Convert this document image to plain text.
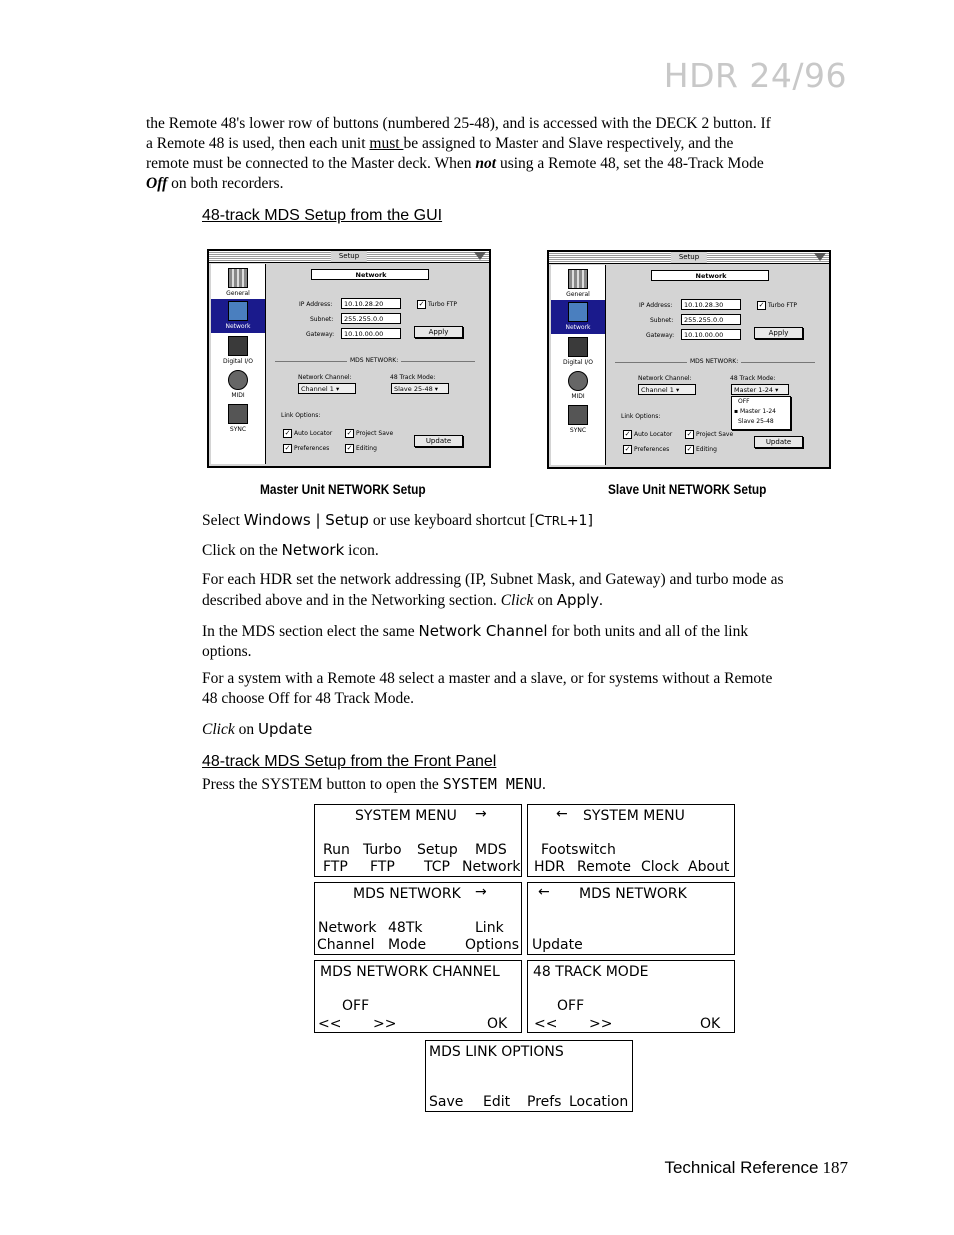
HDR 24/96
the Remote 48's lower row of buttons (numbered 25-48), and is accessed with the DECK 2 button. If
a Remote 48 is used, then each unit must be assigned to Master and Slave respectively, and the
remote must be connected to the Master deck. When not using a Remote 48, set the 48-Track Mode
Off on both recorders.
48-track MDS Setup from the GUI
Setup
General
Network
Digital I/O
MIDI
SYNC
Network
IP Address:	10.10.28.20
Subnet:	255.255.0.0
Gateway:	10.10.00.00
✓ Turbo FTP
Apply
MDS NETWORK:
Network Channel:
Channel 1 ▾
48 Track Mode:
Slave 25-48 ▾
Link Options:
✓ Auto Locator ✓ Project Save
✓ Preferences ✓ Editing
Update
Setup
General
Network
Digital I/O
MIDI
SYNC
Network
IP Address:	10.10.28.30
Subnet:	255.255.0.0
Gateway:	10.10.00.00
✓ Turbo FTP
Apply
MDS NETWORK:
Network Channel:
Channel 1 ▾
48 Track Mode:
Master 1-24 ▾
OFF
▪ Master 1-24
Slave 25-48
Link Options:
✓ Auto Locator ✓ Project Save
✓ Preferences ✓ Editing
Update
Master Unit NETWORK Setup	Slave Unit NETWORK Setup
Select Windows | Setup or use keyboard shortcut [CTRL+1]
Click on the Network icon.
For each HDR set the network addressing (IP, Subnet Mask, and Gateway) and turbo mode as
described above and in the Networking section. Click on Apply.
In the MDS section elect the same Network Channel for both units and all of the link
options.
For a system with a Remote 48 select a master and a slave, or for systems without a Remote
48 choose Off for 48 Track Mode.
Click on Update
48-track MDS Setup from the Front Panel
Press the SYSTEM button to open the SYSTEM MENU.
SYSTEM MENU →
Run Turbo Setup MDS
FTP FTP TCP Network
← SYSTEM MENU
Footswitch
HDR Remote Clock About
MDS NETWORK →
Network 48Tk	Link
Channel Mode	Options
← MDS NETWORK
Update
MDS NETWORK CHANNEL
OFF
<< >>	OK
48 TRACK MODE
OFF
<< >>	OK
MDS LINK OPTIONS
Save Edit Prefs Location
Technical Reference 187
